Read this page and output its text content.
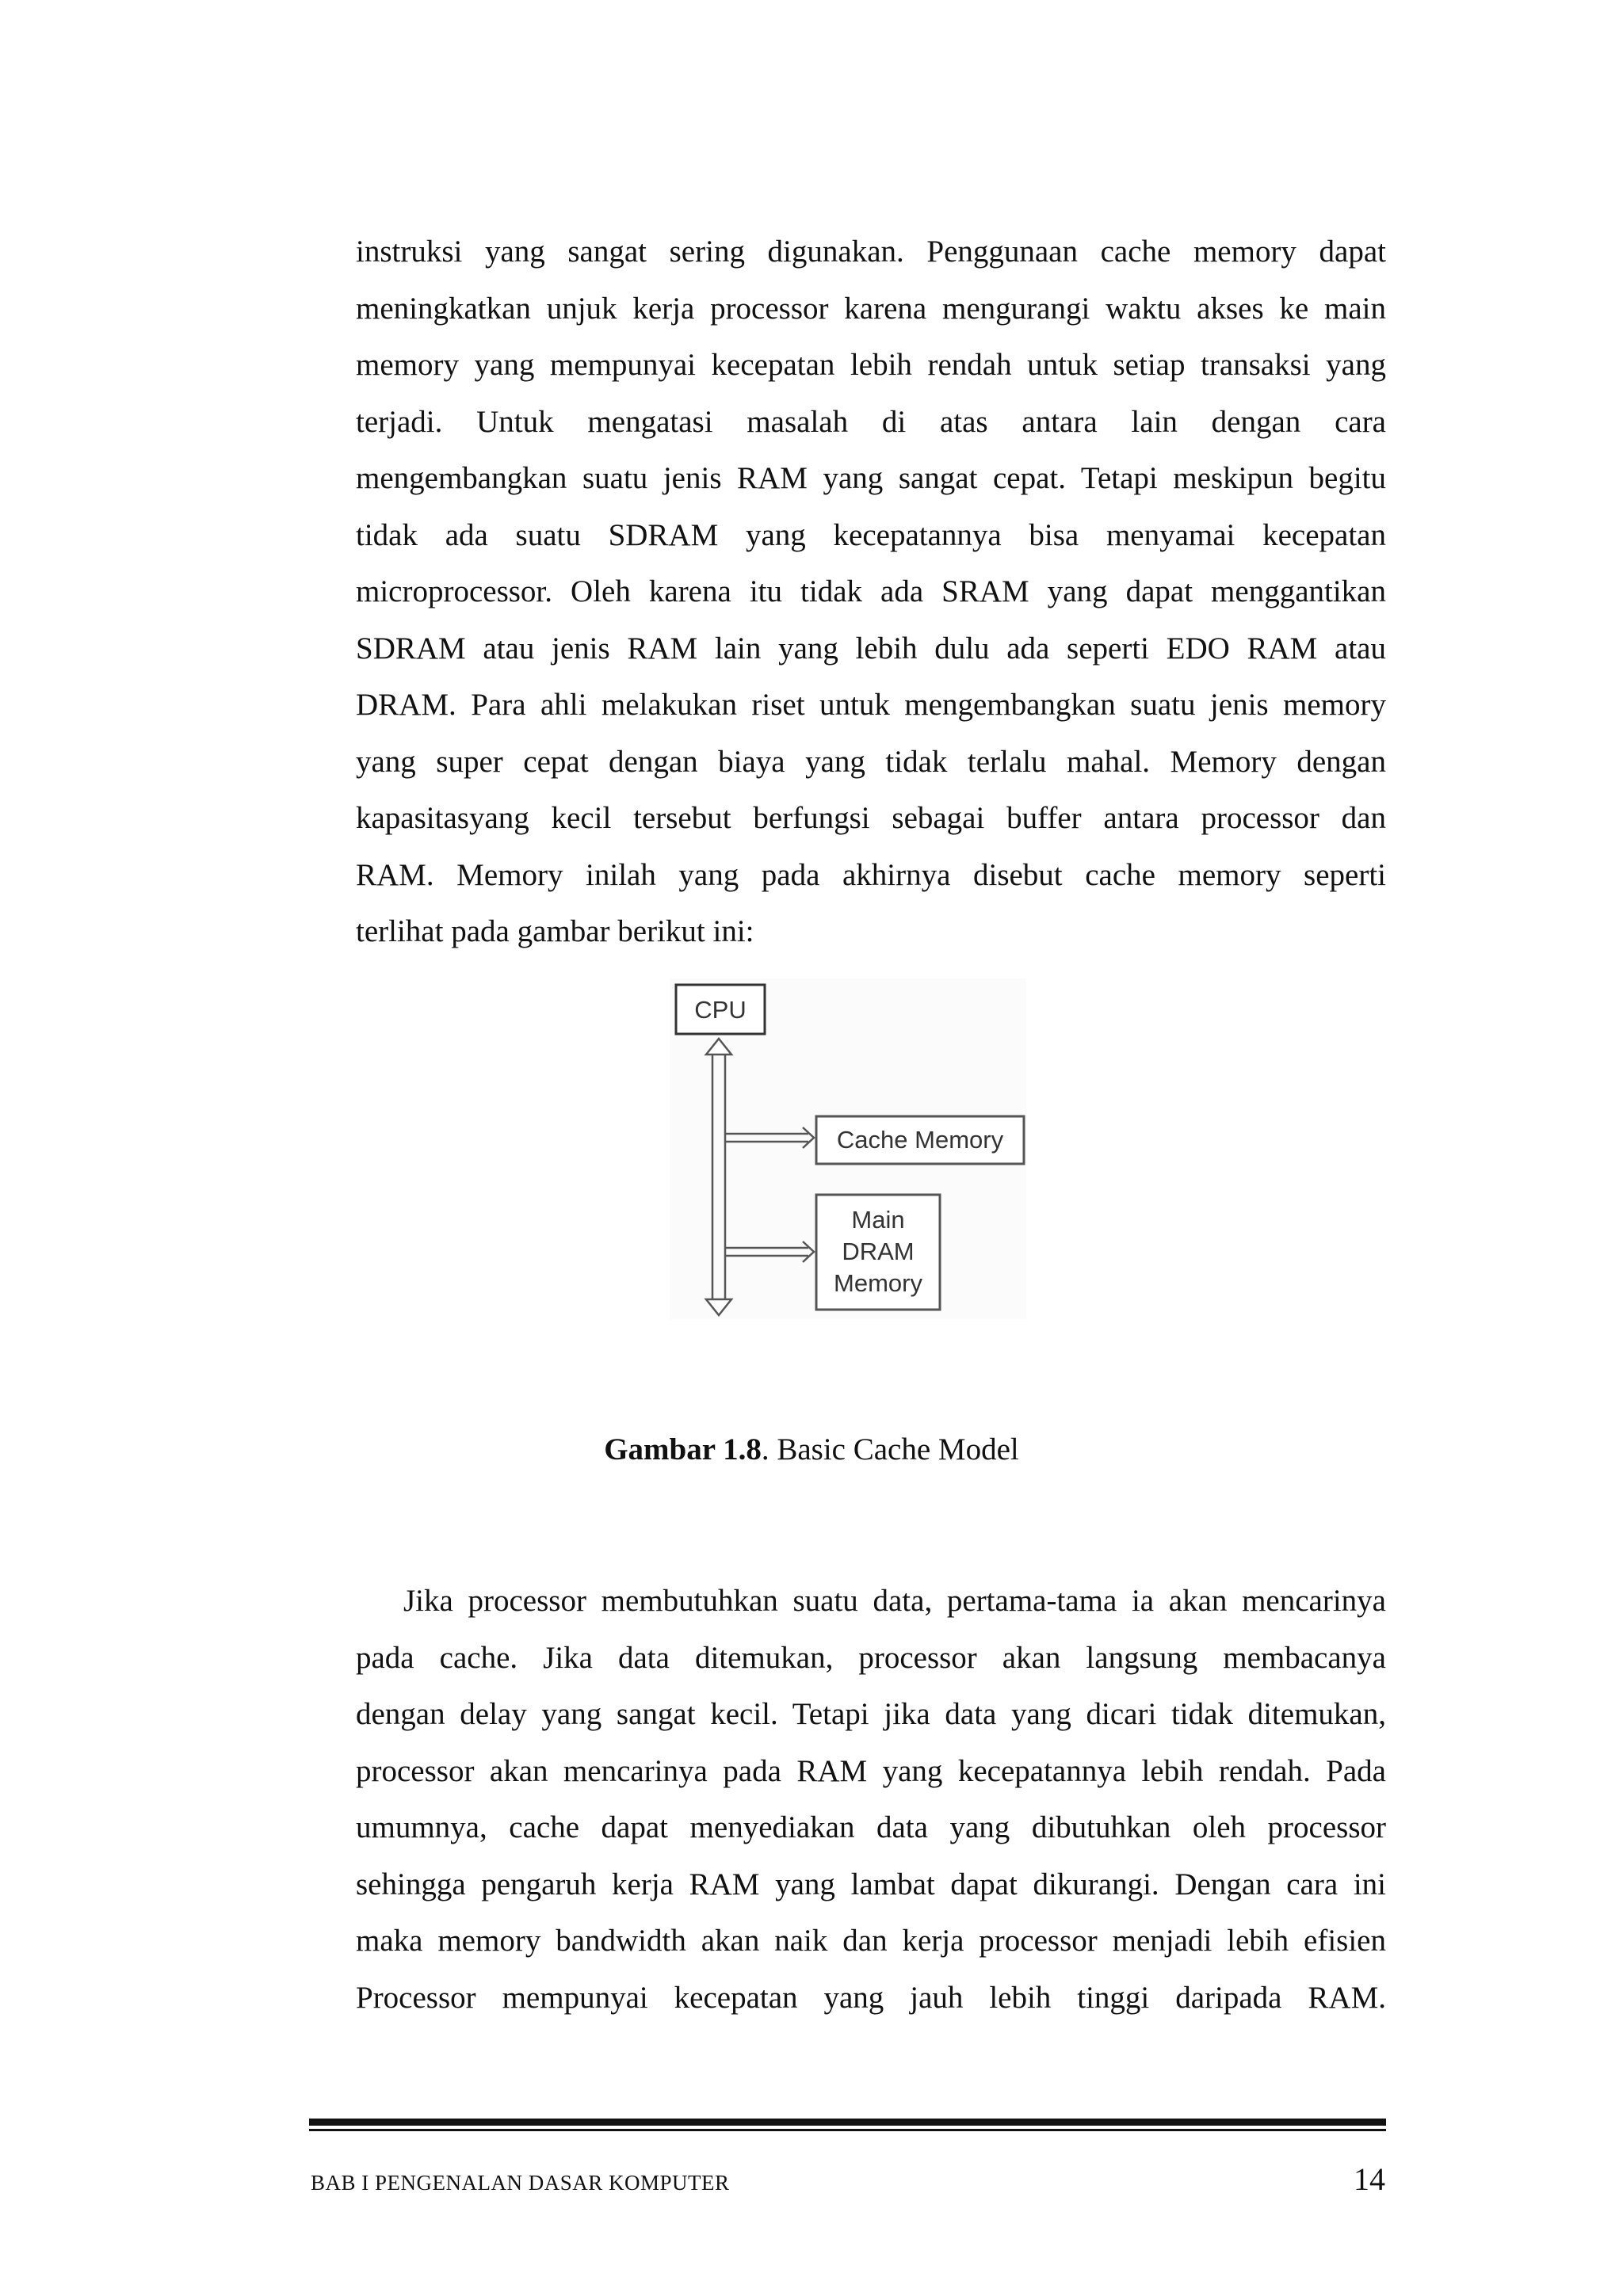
instruksi yang sangat sering digunakan. Penggunaan cache memory dapat
meningkatkan unjuk kerja processor karena mengurangi waktu akses ke main
memory yang mempunyai kecepatan lebih rendah untuk setiap transaksi yang
terjadi. Untuk mengatasi masalah di atas antara lain dengan cara
mengembangkan suatu jenis RAM yang sangat cepat. Tetapi meskipun begitu
tidak ada suatu SDRAM yang kecepatannya bisa menyamai kecepatan
microprocessor. Oleh karena itu tidak ada SRAM yang dapat menggantikan
SDRAM atau jenis RAM lain yang lebih dulu ada seperti EDO RAM atau
DRAM. Para ahli melakukan riset untuk mengembangkan suatu jenis memory
yang super cepat dengan biaya yang tidak terlalu mahal. Memory dengan
kapasitasyang kecil tersebut berfungsi sebagai buffer antara processor dan
RAM. Memory inilah yang pada akhirnya disebut cache memory seperti
terlihat pada gambar berikut ini:
CPU
Cache Memory
Main
DRAM
Memory
Gambar 1.8. Basic Cache Model
Jika processor membutuhkan suatu data, pertama-tama ia akan mencarinya
pada cache. Jika data ditemukan, processor akan langsung membacanya
dengan delay yang sangat kecil. Tetapi jika data yang dicari tidak ditemukan,
processor akan mencarinya pada RAM yang kecepatannya lebih rendah. Pada
umumnya, cache dapat menyediakan data yang dibutuhkan oleh processor
sehingga pengaruh kerja RAM yang lambat dapat dikurangi. Dengan cara ini
maka memory bandwidth akan naik dan kerja processor menjadi lebih efisien
Processor mempunyai kecepatan yang jauh lebih tinggi daripada RAM.
BAB I PENGENALAN DASAR KOMPUTER	14
